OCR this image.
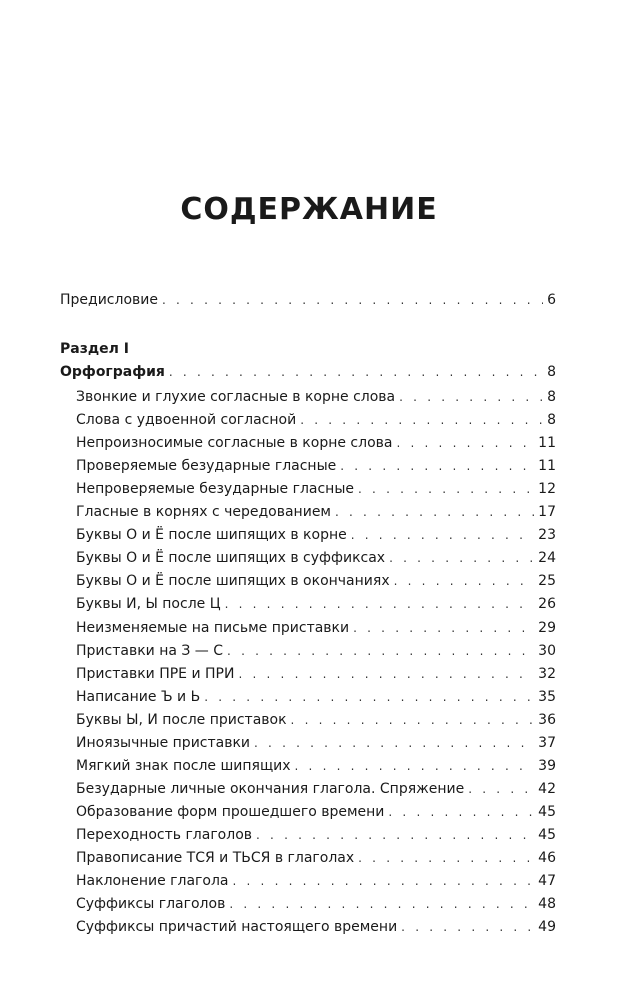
СОДЕРЖАНИЕ
Предисловие . . .	6

Раздел I

Орфография . . .	8
Звонкие и глухие согласные в корне слова . . .	8
Слова с удвоенной согласной . . .	8
Непроизносимые согласные в корне слова . . .	11
Проверяемые безударные гласные . . .	11
Непроверяемые безударные гласные . . .	12
Гласные в корнях с чередованием . . .	17
Буквы О и Ё после шипящих в корне . . .	23
Буквы О и Ё после шипящих в суффиксах . . .	24
Буквы О и Ё после шипящих в окончаниях . . .	25
Буквы И, Ы после Ц . . .	26
Неизменяемые на письме приставки . . .	29
Приставки на З — С . . .	30
Приставки ПРЕ и ПРИ . . .	32
Написание Ъ и Ь . . .	35
Буквы Ы, И после приставок . . .	36
Иноязычные приставки . . .	37
Мягкий знак после шипящих . . .	39
Безударные личные окончания глагола. Спряжение . . .	42
Образование форм прошедшего времени . . .	45
Переходность глаголов . . .	45
Правописание ТСЯ и ТЬСЯ в глаголах . . .	46
Наклонение глагола . . .	47
Суффиксы глаголов . . .	48
Суффиксы причастий настоящего времени . . .	49
